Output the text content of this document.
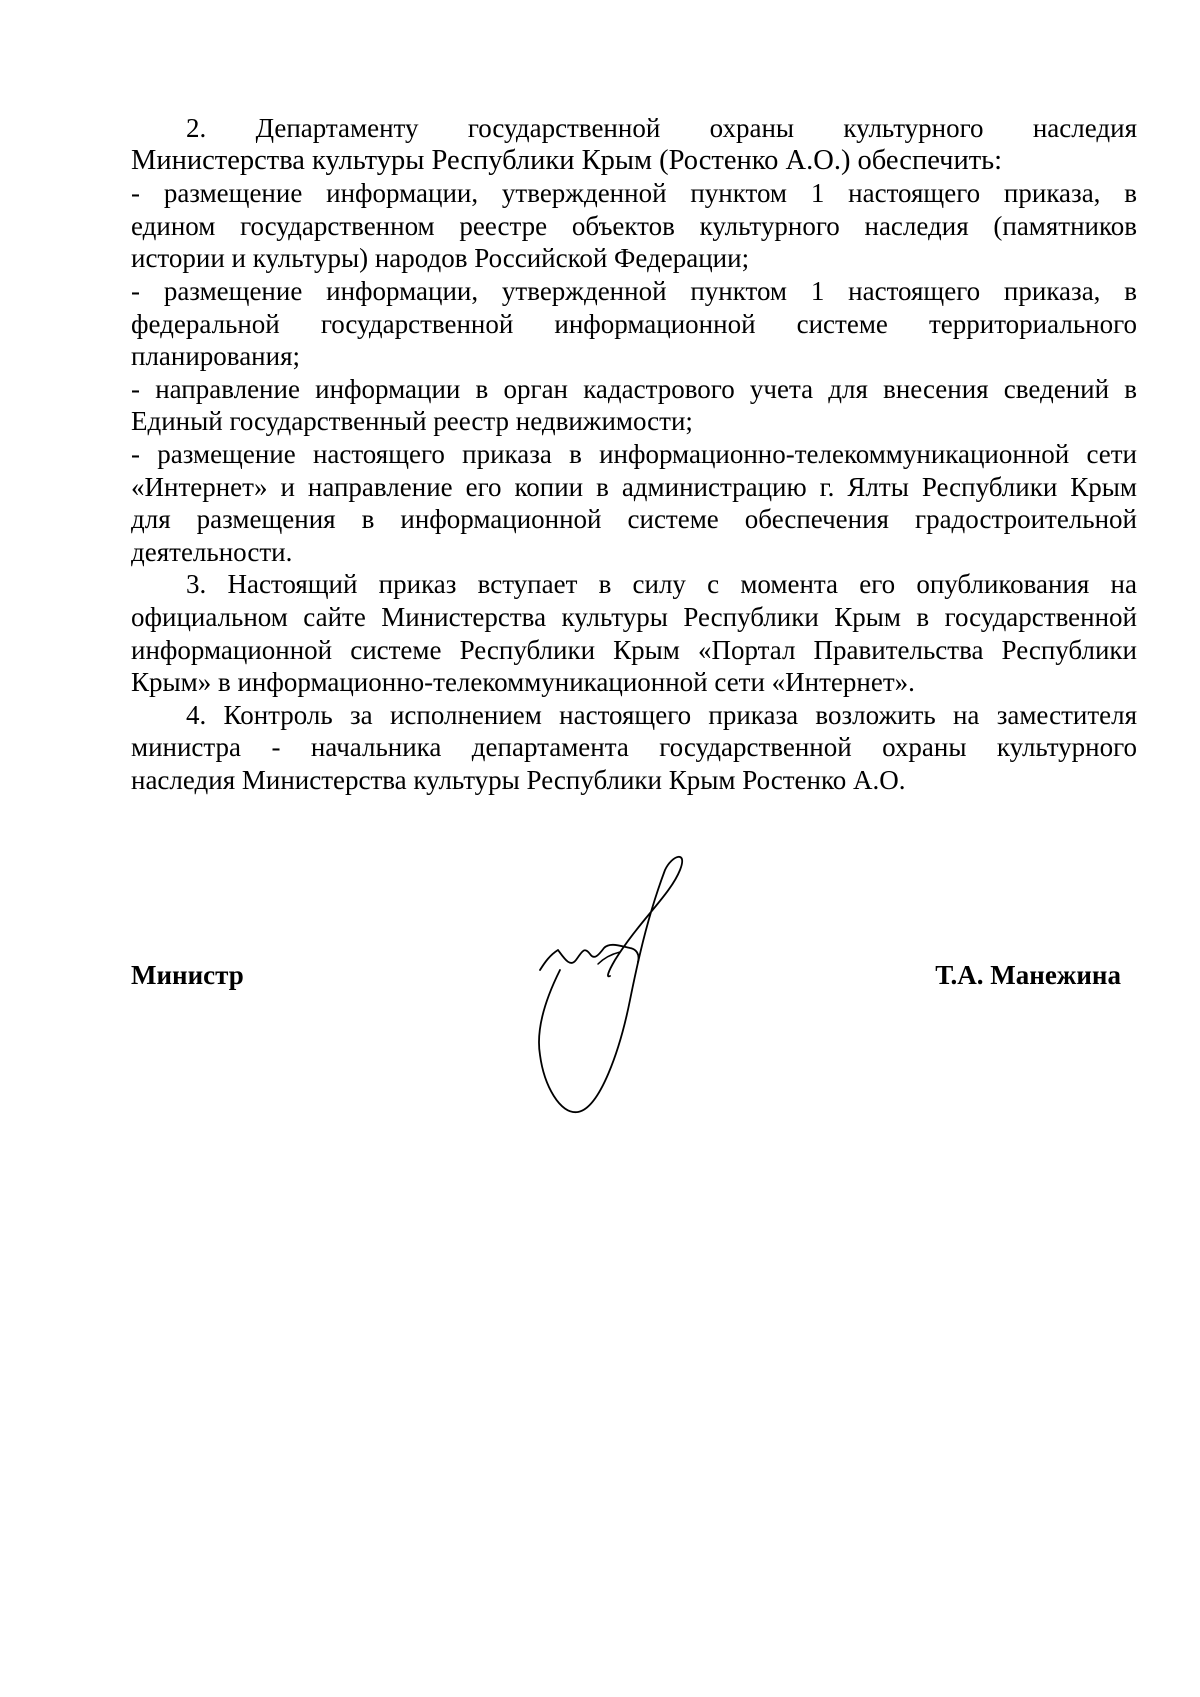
2. Департаменту государственной охраны культурного наследия
Министерства культуры Республики Крым (Ростенко А.О.) обеспечить:
- размещение информации, утвержденной пунктом 1 настоящего приказа, в
едином государственном реестре объектов культурного наследия (памятников
истории и культуры) народов Российской Федерации;
- размещение информации, утвержденной пунктом 1 настоящего приказа, в
федеральной государственной информационной системе территориального
планирования;
- направление информации в орган кадастрового учета для внесения сведений в
Единый государственный реестр недвижимости;
- размещение настоящего приказа в информационно-телекоммуникационной сети
«Интернет» и направление его копии в администрацию г. Ялты Республики Крым
для размещения в информационной системе обеспечения градостроительной
деятельности.
3. Настоящий приказ вступает в силу с момента его опубликования на
официальном сайте Министерства культуры Республики Крым в государственной
информационной системе Республики Крым «Портал Правительства Республики
Крым» в информационно-телекоммуникационной сети «Интернет».
4. Контроль за исполнением настоящего приказа возложить на заместителя
министра - начальника департамента государственной охраны культурного
наследия Министерства культуры Республики Крым Ростенко А.О.
Министр	Т.А. Манежина
